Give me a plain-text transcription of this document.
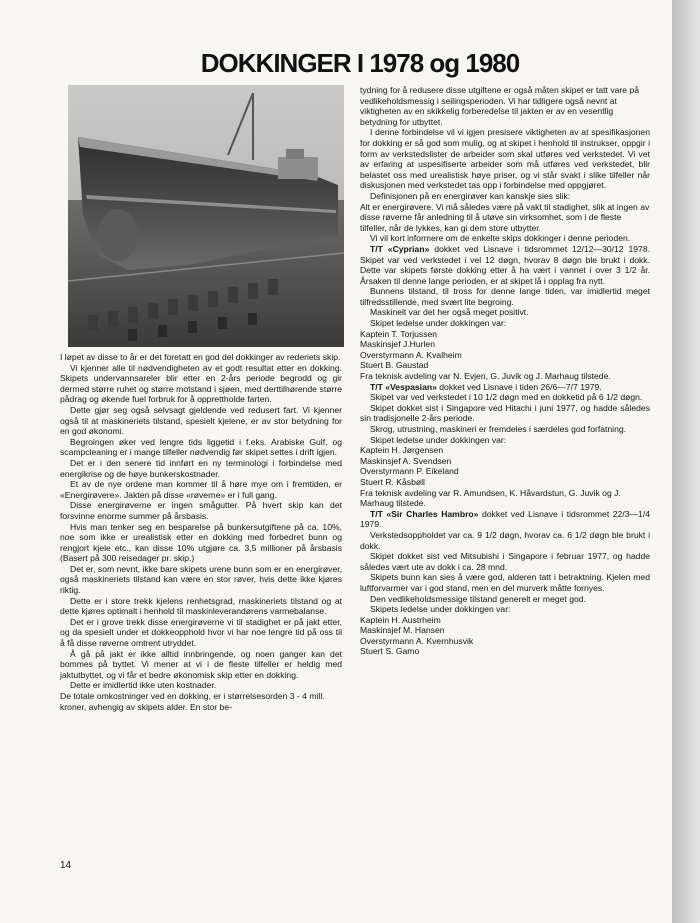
DOKKINGER I 1978 og 1980

I løpet av disse to år er det foretatt en god del dokkinger av rederiets skip.

Vi kjenner alle til nødvendigheten av et godt resultat etter en dokking. Skipets undervannsareler blir etter en 2-års periode begrodd og gir dermed større ruhet og større motstand i sjøen, med derttilhørende større pådrag og økende fuel forbruk for å opprettholde farten.

Dette gjør seg også selvsagt gjeldende ved redusert fart. Vi kjenner også til at maskineriets tilstand, spesielt kjelene, er av stor betydning for en god økonomi.

Begroingen øker ved lengre tids liggetid i f.eks. Arabiske Gulf, og scampcleaning er i mange tilfeller nødvendig før skipet settes i drift igjen.

Det er i den senere tid innført en ny terminologi i forbindelse med energikrise og de høye bunkerskostnader.

Et av de nye ordene man kommer til å høre mye om i fremtiden, er «Energirøvere». Jakten på disse «røverne» er i full gang.

Disse energirøverne er ingen smågutter. På hvert skip kan det forsvinne enorme summer på årsbasis.

Hvis man tenker seg en besparelse på bunkersutgiftene på ca. 10%, noe som ikke er urealistisk etter en dokking med forbedret bunn og rengjort kjele etc., kan disse 10% utgjøre ca. 3,5 millioner på årsbasis (Basert på 300 reisedager pr. skip.)

Det er, som nevnt, ikke bare skipets urene bunn som er en energirøver, også maskineriets tilstand kan være en stor røver, hvis dette ikke kjøres riktig.

Dette er i store trekk kjelens renhetsgrad, maskineriets tilstand og at dette kjøres optimalt i henhold til maskinleverandørens varmebalanse.

Det er i grove trekk disse energirøverne vi til stadighet er på jakt etter, og da spesielt under et dokkeopphold hvor vi har noe lengre tid på oss til å få disse røverne omtrent utryddet.

Å gå på jakt er ikke alltid innbringende, og noen ganger kan det bommes på byttet. Vi mener at vi i de fleste tilfeller er heldig med jaktutbyttet, og vi får et bedre økonomisk skip etter en dokking.

Dette er imidlertid ikke uten kostnader.

De totale omkostninger ved en dokking, er i størrelsesorden 3 - 4 mill. kroner, avhengig av skipets alder. En stor be-

tydning for å redusere disse utgiftene er også måten skipet er tatt vare på vedlikeholdsmessig i seilingsperioden. Vi har tidligere også nevnt at viktigheten av en skikkelig forberedelse til jakten er av en vesentlig betydning for utbyttet.

I denne forbindelse vil vi igjen presisere viktigheten av at spesifikasjonen for dokking er så god som mulig, og at skipet i henhold til instrukser, oppgir i form av verkstedslister de arbeider som skal utføres ved verkstedet. Vi vet av erfaring at uspesifiserte arbeider som må utføres ved verkstedet, blir belastet oss med urealistisk høye priser, og vi står svakt i slike tilfeller når diskusjonen med verkstedet tas opp i forbindelse med oppgjøret.

Definisjonen på en energirøver kan kanskje sies slik:

Alt er energirøvere. Vi må således være på vakt til stadighet, slik at ingen av disse røverne får anledning til å utøve sin virksomhet, som i de fleste tilfeller, når de lykkes, kan gi dem store utbytter.

Vi vil kort informere om de enkelte skips dokkinger i denne perioden.

T/T «Cyprian» dokket ved Lisnave i tidsrommet 12/12—30/12 1978. Skipet var ved verkstedet i vel 12 døgn, hvorav 8 døgn ble brukt i dokk. Dette var skipets første dokking etter å ha vært i vannet i over 3 1/2 år. Årsaken til denne lange perioden, er at skipet lå i opplag fra nytt.

Bunnens tilstand, til tross for denne lange tiden, var imidlertid meget tilfredsstillende, med svært lite begroing.

Maskinelt var det her også meget positivt.

Skipet ledelse under dokkingen var:

Kaptein T. Torjussen

Maskinsjef J.Hurlen

Overstyrmann A. Kvalheim

Stuert B. Gaustad

Fra teknisk avdeling var N. Evjen, G. Juvik og J. Marhaug tilstede.

T/T «Vespasian» dokket ved Lisnave i tiden 26/6—7/7 1979.

Skipet var ved verkstedet i 10 1/2 døgn med en dokketid på 6 1/2 døgn.

Skipet dokket sist i Singapore ved Hitachi i juni 1977, og hadde således sin tradisjonelle 2-års periode.

Skrog, utrustning, maskineri er fremdeles i særdeles god forfatning.

Skipet ledelse under dokkingen var:

Kaptein H. Jørgensen

Maskinsjef A. Svendsen

Overstyrmann P. Eikeland

Stuert R. Kåsbøll

Fra teknisk avdeling var R. Amundsen, K. Håvardstun, G. Juvik og J. Marhaug tilstede.

T/T «Sir Charles Hambro» dokket ved Lisnave i tidsrommet 22/3—1/4 1979.

Verkstedsoppholdet var ca. 9 1/2 døgn, hvorav ca. 6 1/2 døgn ble brukt i dokk.

Skipet dokket sist ved Mitsubishi i Singapore i februar 1977, og hadde således vært ute av dokk i ca. 28 mnd.

Skipets bunn kan sies å være god, alderen tatt i betraktning. Kjelen med luftforvarmer var i god stand, men en del murverk måtte fornyes.

Den vedlikeholdsmessige tilstand generelt er meget god.

Skipets ledelse under dokkingen var:

Kaptein H. Austrheim

Maskinsjef M. Hansen

Overstyrmann A. Kvernhusvik

Stuert S. Gamo

14
